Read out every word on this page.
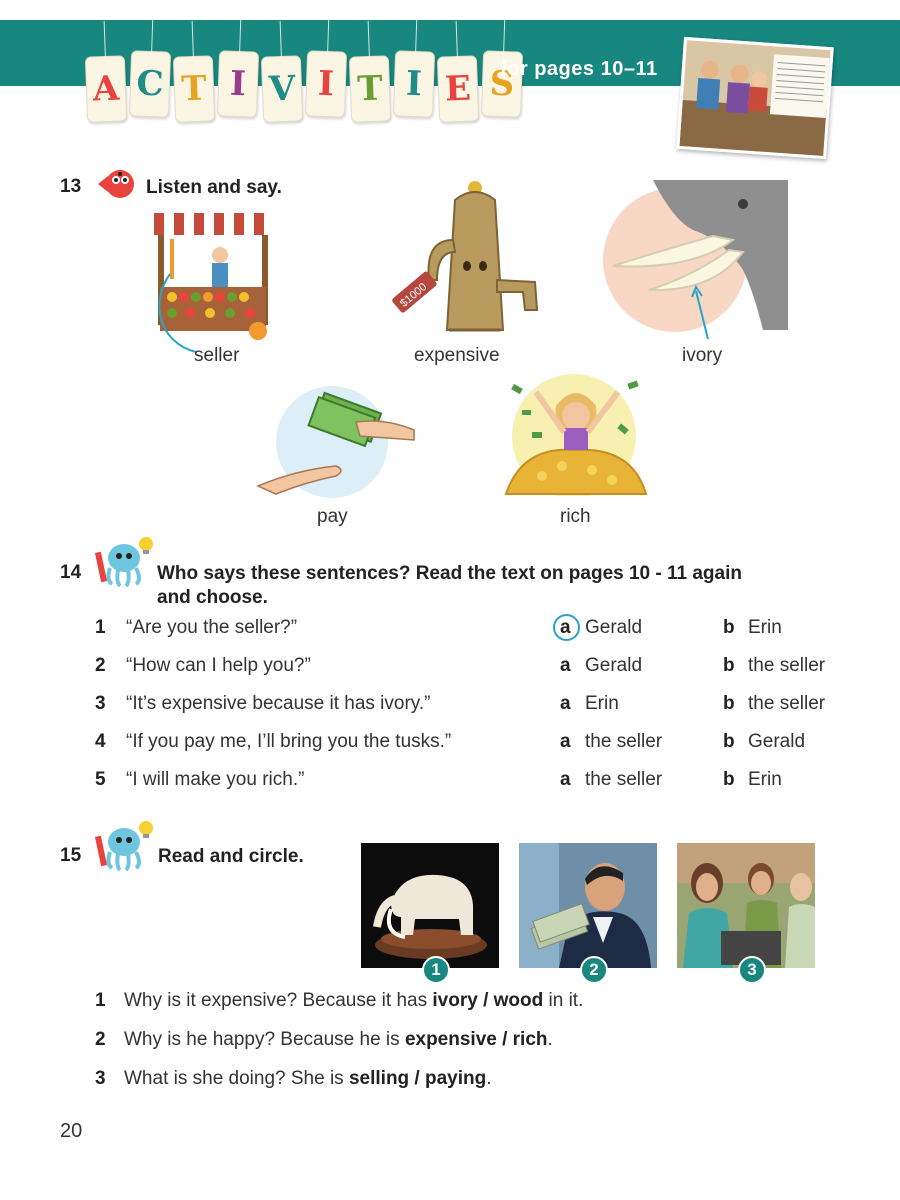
A C T I V I T I E S
for pages 10–11
13	Listen and say.
seller
$1000
expensive	ivory
pay	rich
14	Who says these sentences? Read the text on pages 10 - 11 again
and choose.
1 “Are you the seller?”	a Gerald	b Erin
2 “How can I help you?”	a Gerald	b the seller
3 “It’s expensive because it has ivory.”	a Erin	b the seller
4 “If you pay me, I’ll bring you the tusks.”	a the seller	b Gerald
5 “I will make you rich.”	a the seller	b Erin
15	Read and circle.
1	2	3
1 Why is it expensive? Because it has ivory / wood in it.
2 Why is he happy? Because he is expensive / rich.
3 What is she doing? She is selling / paying.
20
